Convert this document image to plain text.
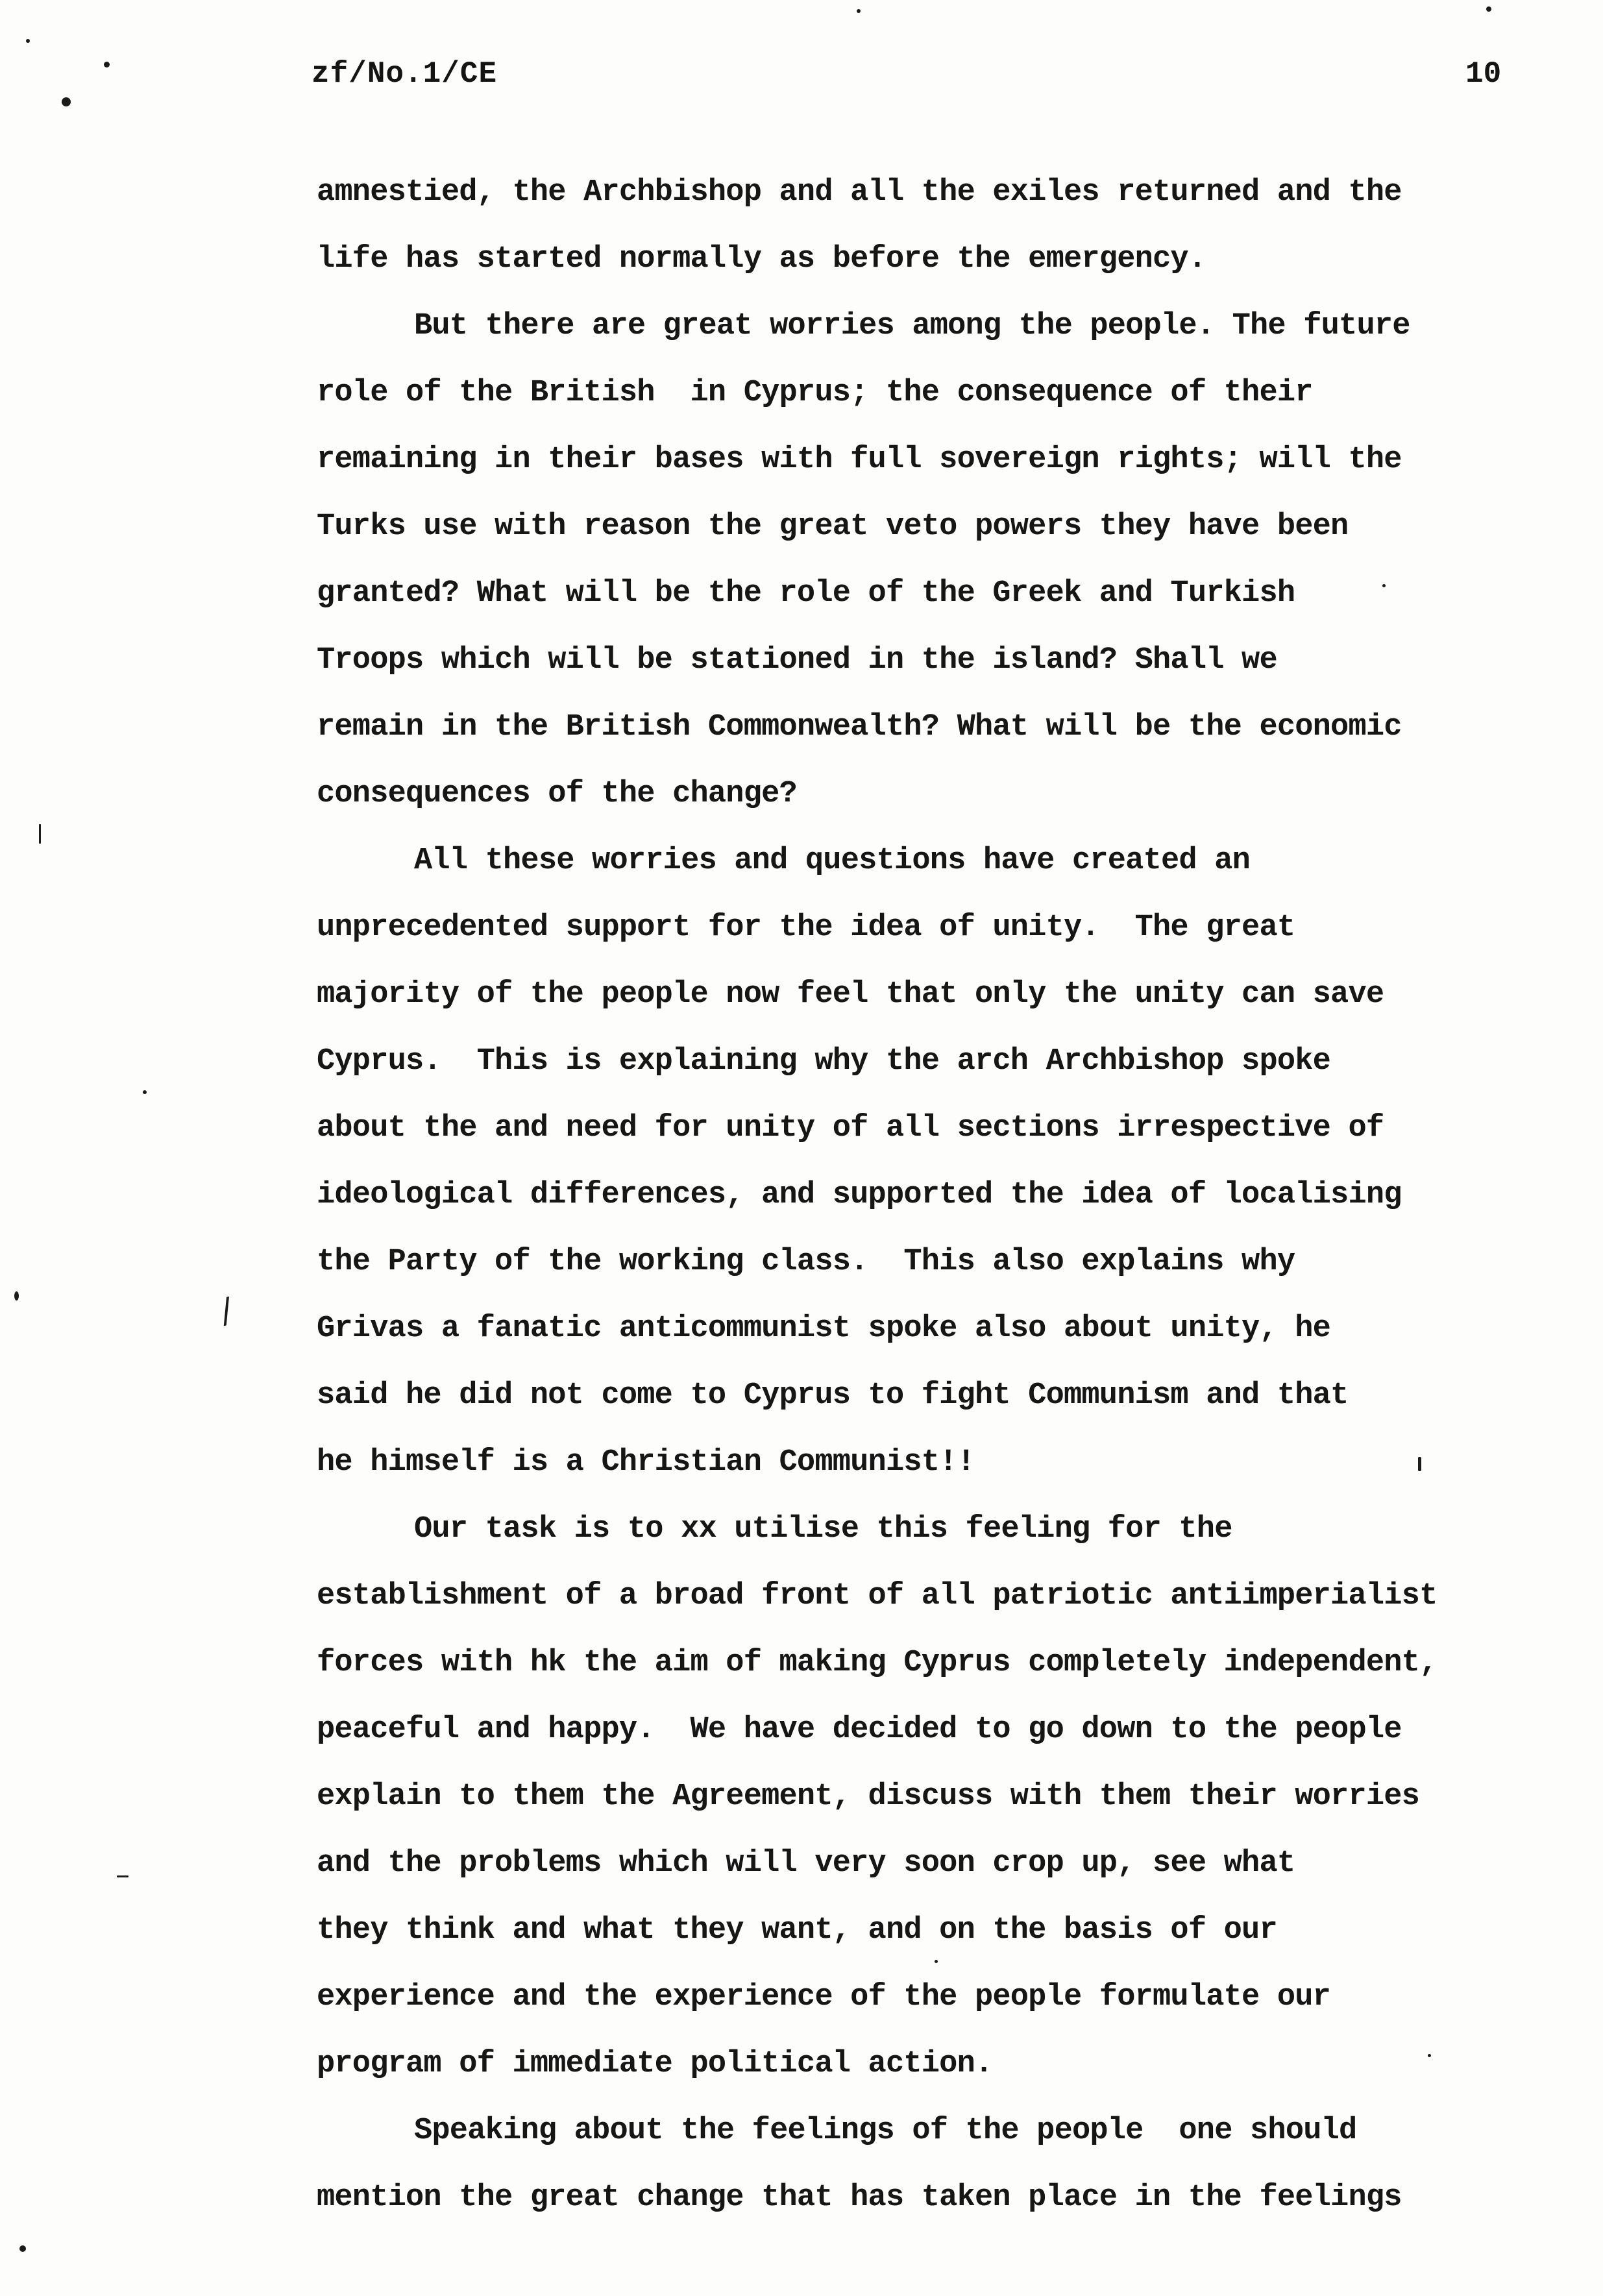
zf/No.1/CE	10
/
amnestied, the Archbishop and all the exiles returned and the
life has started normally as before the emergency.
But there are great worries among the people. The future
role of the British  in Cyprus; the consequence of their
remaining in their bases with full sovereign rights; will the
Turks use with reason the great veto powers they have been
granted? What will be the role of the Greek and Turkish
Troops which will be stationed in the island? Shall we
remain in the British Commonwealth? What will be the economic
consequences of the change?
All these worries and questions have created an
unprecedented support for the idea of unity.  The great
majority of the people now feel that only the unity can save
Cyprus.  This is explaining why the arch Archbishop spoke
about the and need for unity of all sections irrespective of
ideological differences, and supported the idea of localising
the Party of the working class.  This also explains why
Grivas a fanatic anticommunist spoke also about unity, he
said he did not come to Cyprus to fight Communism and that
he himself is a Christian Communist!!
Our task is to xx utilise this feeling for the
establishment of a broad front of all patriotic antiimperialist
forces with hk the aim of making Cyprus completely independent,
peaceful and happy.  We have decided to go down to the people
explain to them the Agreement, discuss with them their worries
and the problems which will very soon crop up, see what
they think and what they want, and on the basis of our
experience and the experience of the people formulate our
program of immediate political action.
Speaking about the feelings of the people  one should
mention the great change that has taken place in the feelings
